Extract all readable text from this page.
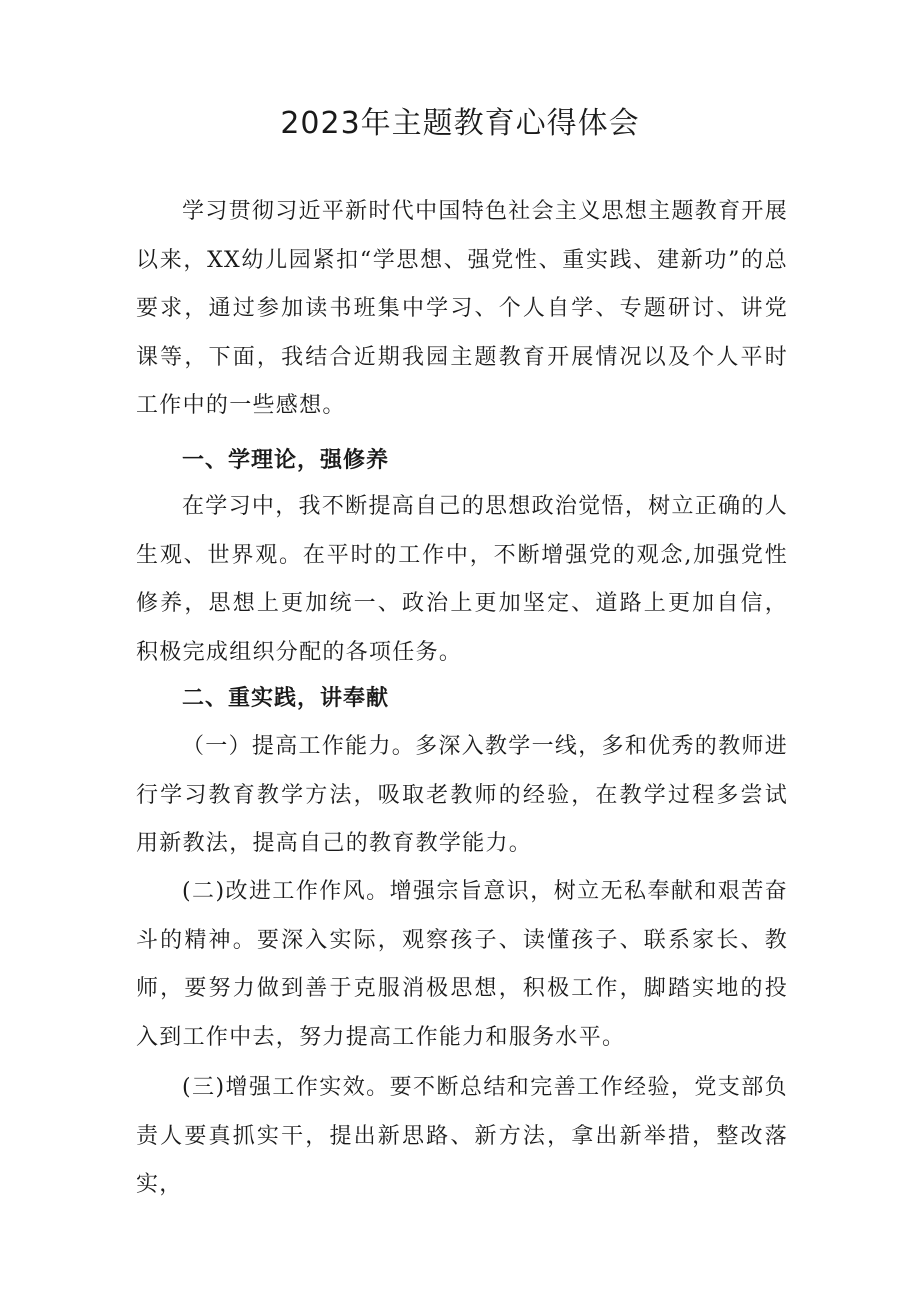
2023年主题教育心得体会

学习贯彻习近平新时代中国特色社会主义思想主题教育开展以来，XX幼儿园紧扣“学思想、强党性、重实践、建新功”的总要求，通过参加读书班集中学习、个人自学、专题研讨、讲党课等，下面，我结合近期我园主题教育开展情况以及个人平时工作中的一些感想。

一、学理论，强修养

在学习中，我不断提高自己的思想政治觉悟，树立正确的人生观、世界观。在平时的工作中，不断增强党的观念,加强党性修养，思想上更加统一、政治上更加坚定、道路上更加自信，积极完成组织分配的各项任务。

二、重实践，讲奉献

（一）提高工作能力。多深入教学一线，多和优秀的教师进行学习教育教学方法，吸取老教师的经验，在教学过程多尝试用新教法，提高自己的教育教学能力。

(二)改进工作作风。增强宗旨意识，树立无私奉献和艰苦奋斗的精神。要深入实际，观察孩子、读懂孩子、联系家长、教师，要努力做到善于克服消极思想，积极工作，脚踏实地的投入到工作中去，努力提高工作能力和服务水平。

(三)增强工作实效。要不断总结和完善工作经验，党支部负责人要真抓实干，提出新思路、新方法，拿出新举措，整改落实，
